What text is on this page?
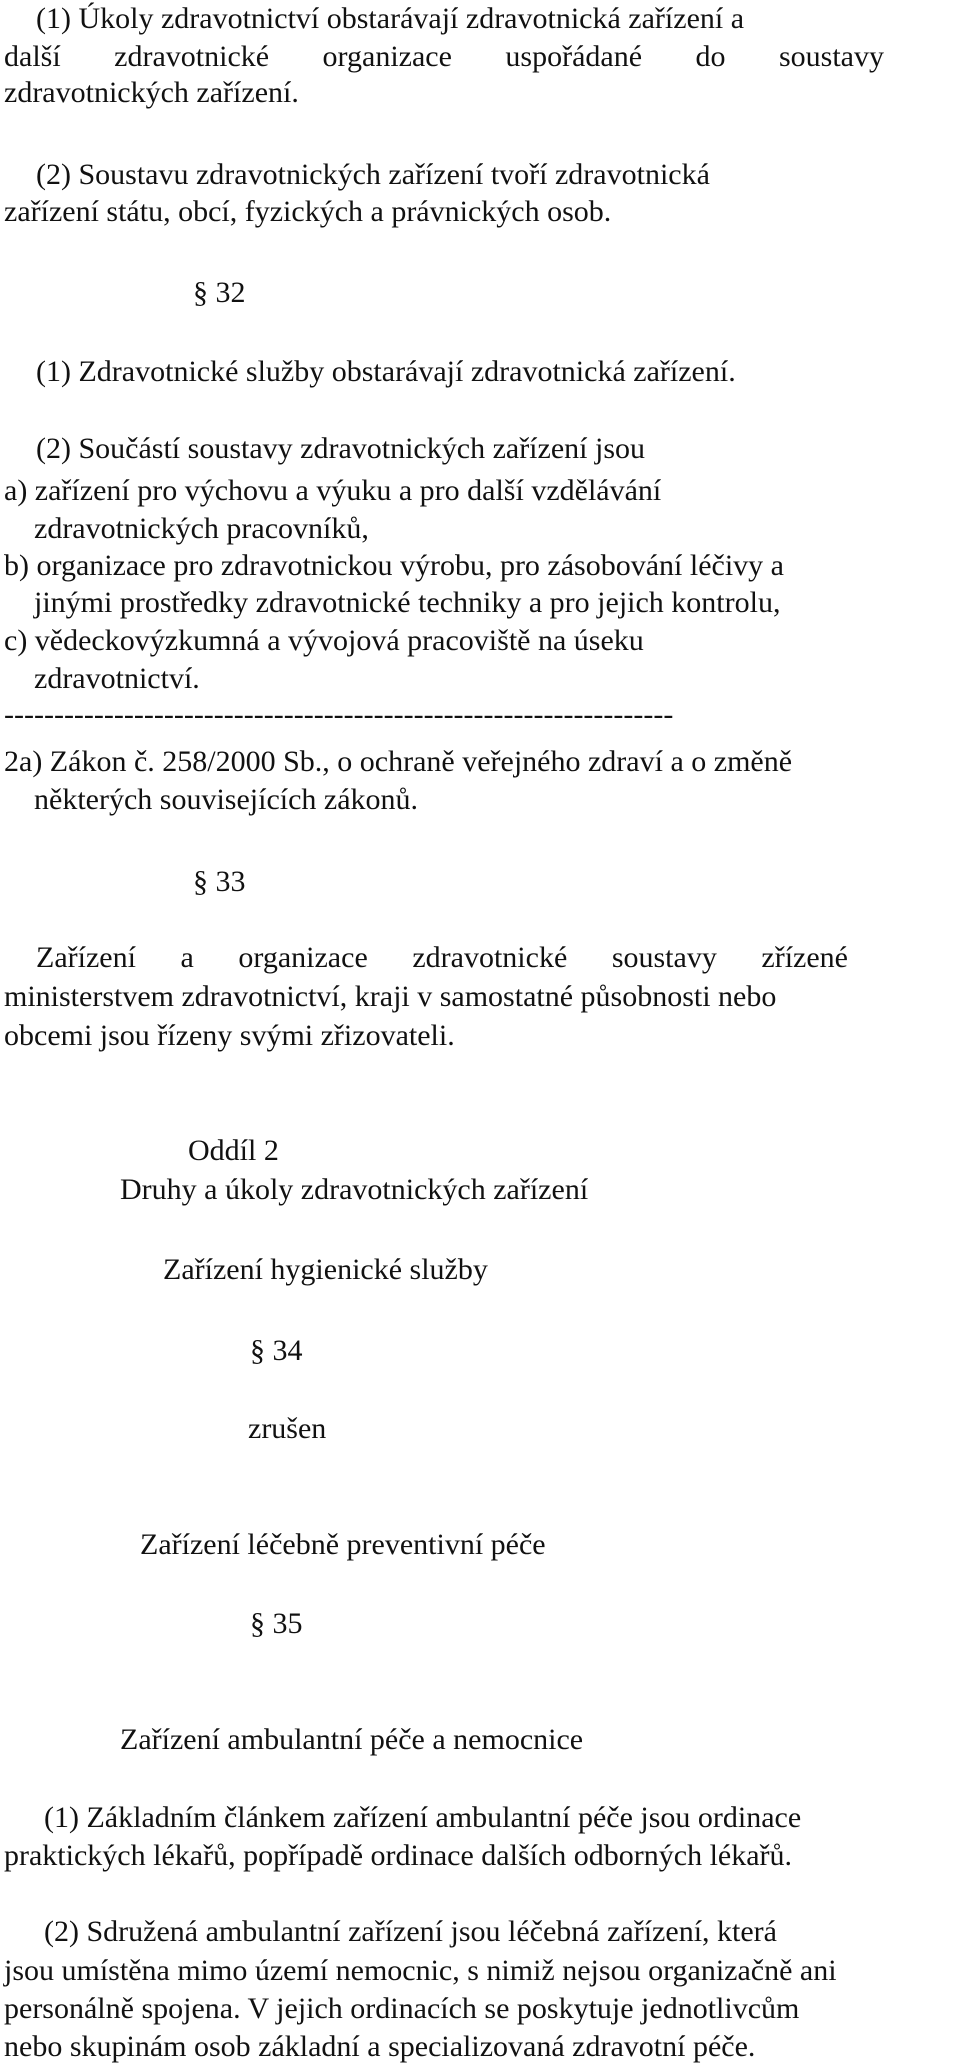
(1) Úkoly zdravotnictví obstarávají zdravotnická zařízení a
další zdravotnické organizace uspořádané do soustavy
zdravotnických zařízení.
(2) Soustavu zdravotnických zařízení tvoří zdravotnická
zařízení státu, obcí, fyzických a právnických osob.
§ 32
(1) Zdravotnické služby obstarávají zdravotnická zařízení.
(2) Součástí soustavy zdravotnických zařízení jsou
a) zařízení pro výchovu a výuku a pro další vzdělávání
zdravotnických pracovníků,
b) organizace pro zdravotnickou výrobu, pro zásobování léčivy a
jinými prostředky zdravotnické techniky a pro jejich kontrolu,
c) vědeckovýzkumná a vývojová pracoviště na úseku
zdravotnictví.
-------------------------------------------------------------------
2a) Zákon č. 258/2000 Sb., o ochraně veřejného zdraví a o změně
některých souvisejících zákonů.
§ 33
Zařízení a organizace zdravotnické soustavy zřízené
ministerstvem zdravotnictví, kraji v samostatné působnosti nebo
obcemi jsou řízeny svými zřizovateli.
Oddíl 2
Druhy a úkoly zdravotnických zařízení
Zařízení hygienické služby
§ 34
zrušen
Zařízení léčebně preventivní péče
§ 35
Zařízení ambulantní péče a nemocnice
(1) Základním článkem zařízení ambulantní péče jsou ordinace
praktických lékařů, popřípadě ordinace dalších odborných lékařů.
(2) Sdružená ambulantní zařízení jsou léčebná zařízení, která
jsou umístěna mimo území nemocnic, s nimiž nejsou organizačně ani
personálně spojena. V jejich ordinacích se poskytuje jednotlivcům
nebo skupinám osob základní a specializovaná zdravotní péče.
